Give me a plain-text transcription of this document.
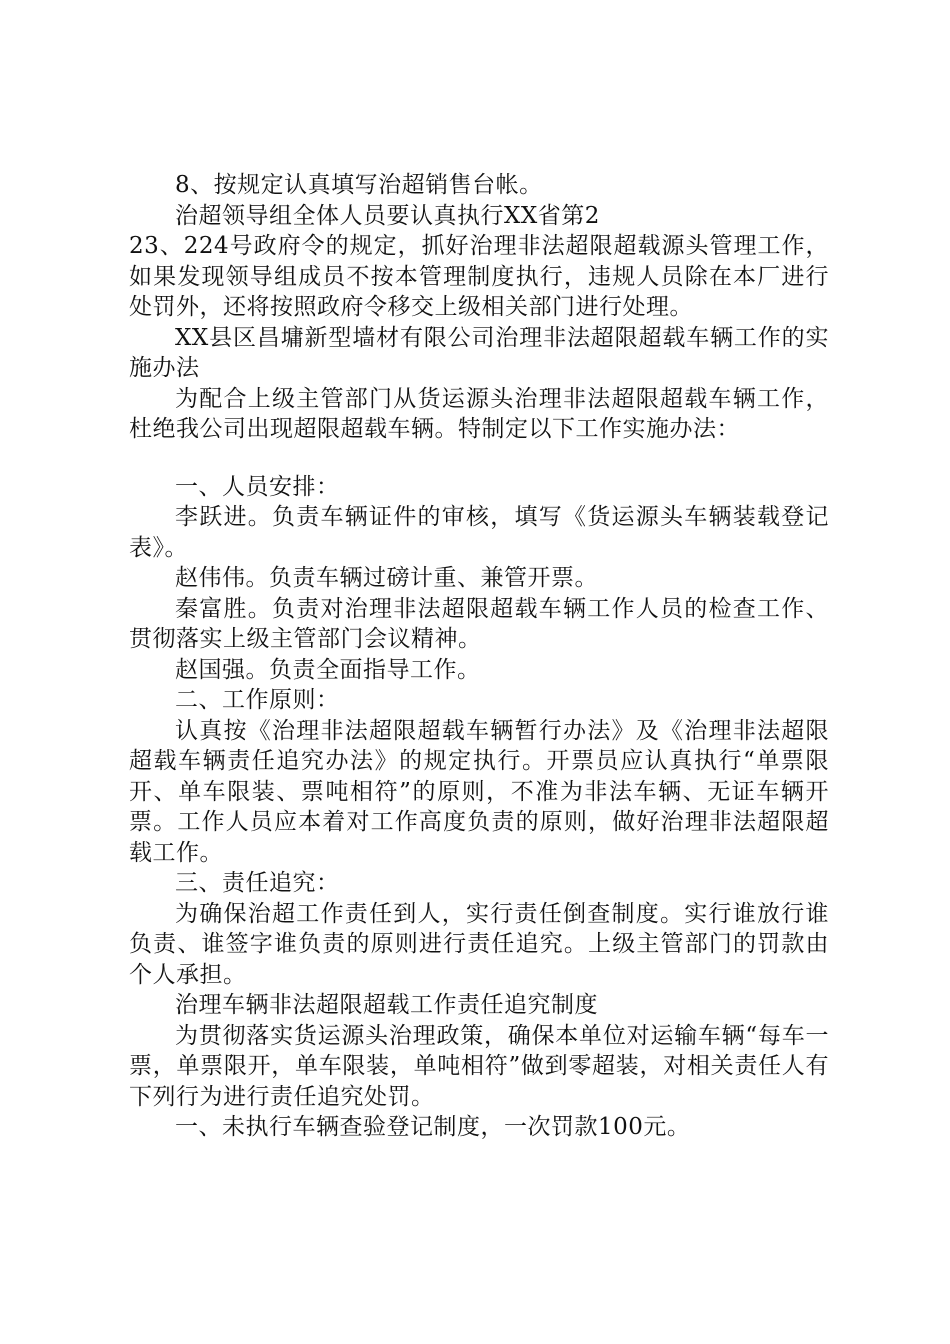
8、按规定认真填写治超销售台帐。

治超领导组全体人员要认真执行XX省第2

23、224号政府令的规定，抓好治理非法超限超载源头管理工作，如果发现领导组成员不按本管理制度执行，违规人员除在本厂进行处罚外，还将按照政府令移交上级相关部门进行处理。

XX县区昌墉新型墙材有限公司治理非法超限超载车辆工作的实施办法

为配合上级主管部门从货运源头治理非法超限超载车辆工作，杜绝我公司出现超限超载车辆。特制定以下工作实施办法：

一、人员安排：

李跃进。负责车辆证件的审核，填写《货运源头车辆装载登记表》。

赵伟伟。负责车辆过磅计重、兼管开票。

秦富胜。负责对治理非法超限超载车辆工作人员的检查工作、贯彻落实上级主管部门会议精神。

赵国强。负责全面指导工作。

二、工作原则：

认真按《治理非法超限超载车辆暂行办法》及《治理非法超限超载车辆责任追究办法》的规定执行。开票员应认真执行“单票限开、单车限装、票吨相符”的原则，不准为非法车辆、无证车辆开票。工作人员应本着对工作高度负责的原则，做好治理非法超限超载工作。

三、责任追究：

为确保治超工作责任到人，实行责任倒查制度。实行谁放行谁负责、谁签字谁负责的原则进行责任追究。上级主管部门的罚款由个人承担。

治理车辆非法超限超载工作责任追究制度

为贯彻落实货运源头治理政策，确保本单位对运输车辆“每车一票，单票限开，单车限装，单吨相符”做到零超装，对相关责任人有下列行为进行责任追究处罚。

一、未执行车辆查验登记制度，一次罚款100元。
